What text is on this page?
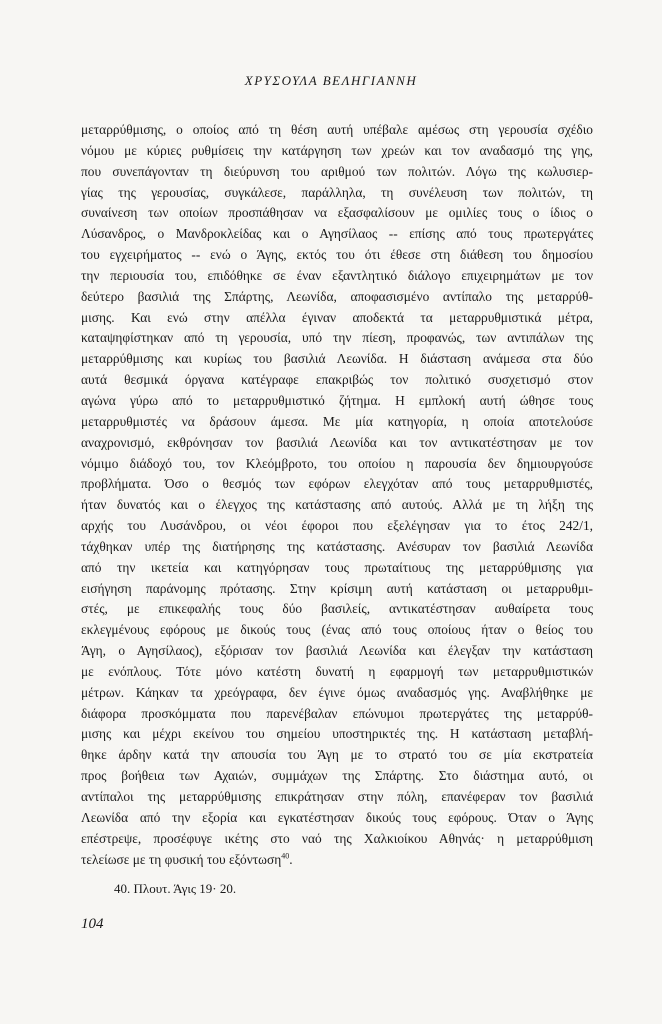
ΧΡΥΣΟΥΛΑ ΒΕΛΗΓΙΑΝΝΗ
μεταρρύθμισης, ο οποίος από τη θέση αυτή υπέβαλε αμέσως στη γερουσία σχέδιο
νόμου με κύριες ρυθμίσεις την κατάργηση των χρεών και τον αναδασμό της γης,
που συνεπάγονταν τη διεύρυνση του αριθμού των πολιτών. Λόγω της κωλυσιερ-
γίας της γερουσίας, συγκάλεσε, παράλληλα, τη συνέλευση των πολιτών, τη
συναίνεση των οποίων προσπάθησαν να εξασφαλίσουν με ομιλίες τους ο ίδιος ο
Λύσανδρος, ο Μανδροκλείδας και ο Αγησίλαος -- επίσης από τους πρωτεργάτες
του εγχειρήματος -- ενώ ο Άγης, εκτός του ότι έθεσε στη διάθεση του δημοσίου
την περιουσία του, επιδόθηκε σε έναν εξαντλητικό διάλογο επιχειρημάτων με τον
δεύτερο βασιλιά της Σπάρτης, Λεωνίδα, αποφασισμένο αντίπαλο της μεταρρύθ-
μισης. Και ενώ στην απέλλα έγιναν αποδεκτά τα μεταρρυθμιστικά μέτρα,
καταψηφίστηκαν από τη γερουσία, υπό την πίεση, προφανώς, των αντιπάλων της
μεταρρύθμισης και κυρίως του βασιλιά Λεωνίδα. Η διάσταση ανάμεσα στα δύο
αυτά θεσμικά όργανα κατέγραφε επακριβώς τον πολιτικό συσχετισμό στον
αγώνα γύρω από το μεταρρυθμιστικό ζήτημα. Η εμπλοκή αυτή ώθησε τους
μεταρρυθμιστές να δράσουν άμεσα. Με μία κατηγορία, η οποία αποτελούσε
αναχρονισμό, εκθρόνησαν τον βασιλιά Λεωνίδα και τον αντικατέστησαν με τον
νόμιμο διάδοχό του, τον Κλεόμβροτο, του οποίου η παρουσία δεν δημιουργούσε
προβλήματα. Όσο ο θεσμός των εφόρων ελεγχόταν από τους μεταρρυθμιστές,
ήταν δυνατός και ο έλεγχος της κατάστασης από αυτούς. Αλλά με τη λήξη της
αρχής του Λυσάνδρου, οι νέοι έφοροι που εξελέγησαν για το έτος 242/1,
τάχθηκαν υπέρ της διατήρησης της κατάστασης. Ανέσυραν τον βασιλιά Λεωνίδα
από την ικετεία και κατηγόρησαν τους πρωταίτιους της μεταρρύθμισης για
εισήγηση παράνομης πρότασης. Στην κρίσιμη αυτή κατάσταση οι μεταρρυθμι-
στές, με επικεφαλής τους δύο βασιλείς, αντικατέστησαν αυθαίρετα τους
εκλεγμένους εφόρους με δικούς τους (ένας από τους οποίους ήταν ο θείος του
Άγη, ο Αγησίλαος), εξόρισαν τον βασιλιά Λεωνίδα και έλεγξαν την κατάσταση
με ενόπλους. Τότε μόνο κατέστη δυνατή η εφαρμογή των μεταρρυθμιστικών
μέτρων. Κάηκαν τα χρεόγραφα, δεν έγινε όμως αναδασμός γης. Αναβλήθηκε με
διάφορα προσκόμματα που παρενέβαλαν επώνυμοι πρωτεργάτες της μεταρρύθ-
μισης και μέχρι εκείνου του σημείου υποστηρικτές της. Η κατάσταση μεταβλή-
θηκε άρδην κατά την απουσία του Άγη με το στρατό του σε μία εκστρατεία
προς βοήθεια των Αχαιών, συμμάχων της Σπάρτης. Στο διάστημα αυτό, οι
αντίπαλοι της μεταρρύθμισης επικράτησαν στην πόλη, επανέφεραν τον βασιλιά
Λεωνίδα από την εξορία και εγκατέστησαν δικούς τους εφόρους. Όταν ο Άγης
επέστρεψε, προσέφυγε ικέτης στο ναό της Χαλκιοίκου Αθηνάς· η μεταρρύθμιση
τελείωσε με τη φυσική του εξόντωση$^{40}$.
40. Πλουτ. Άγις 19· 20.
104
